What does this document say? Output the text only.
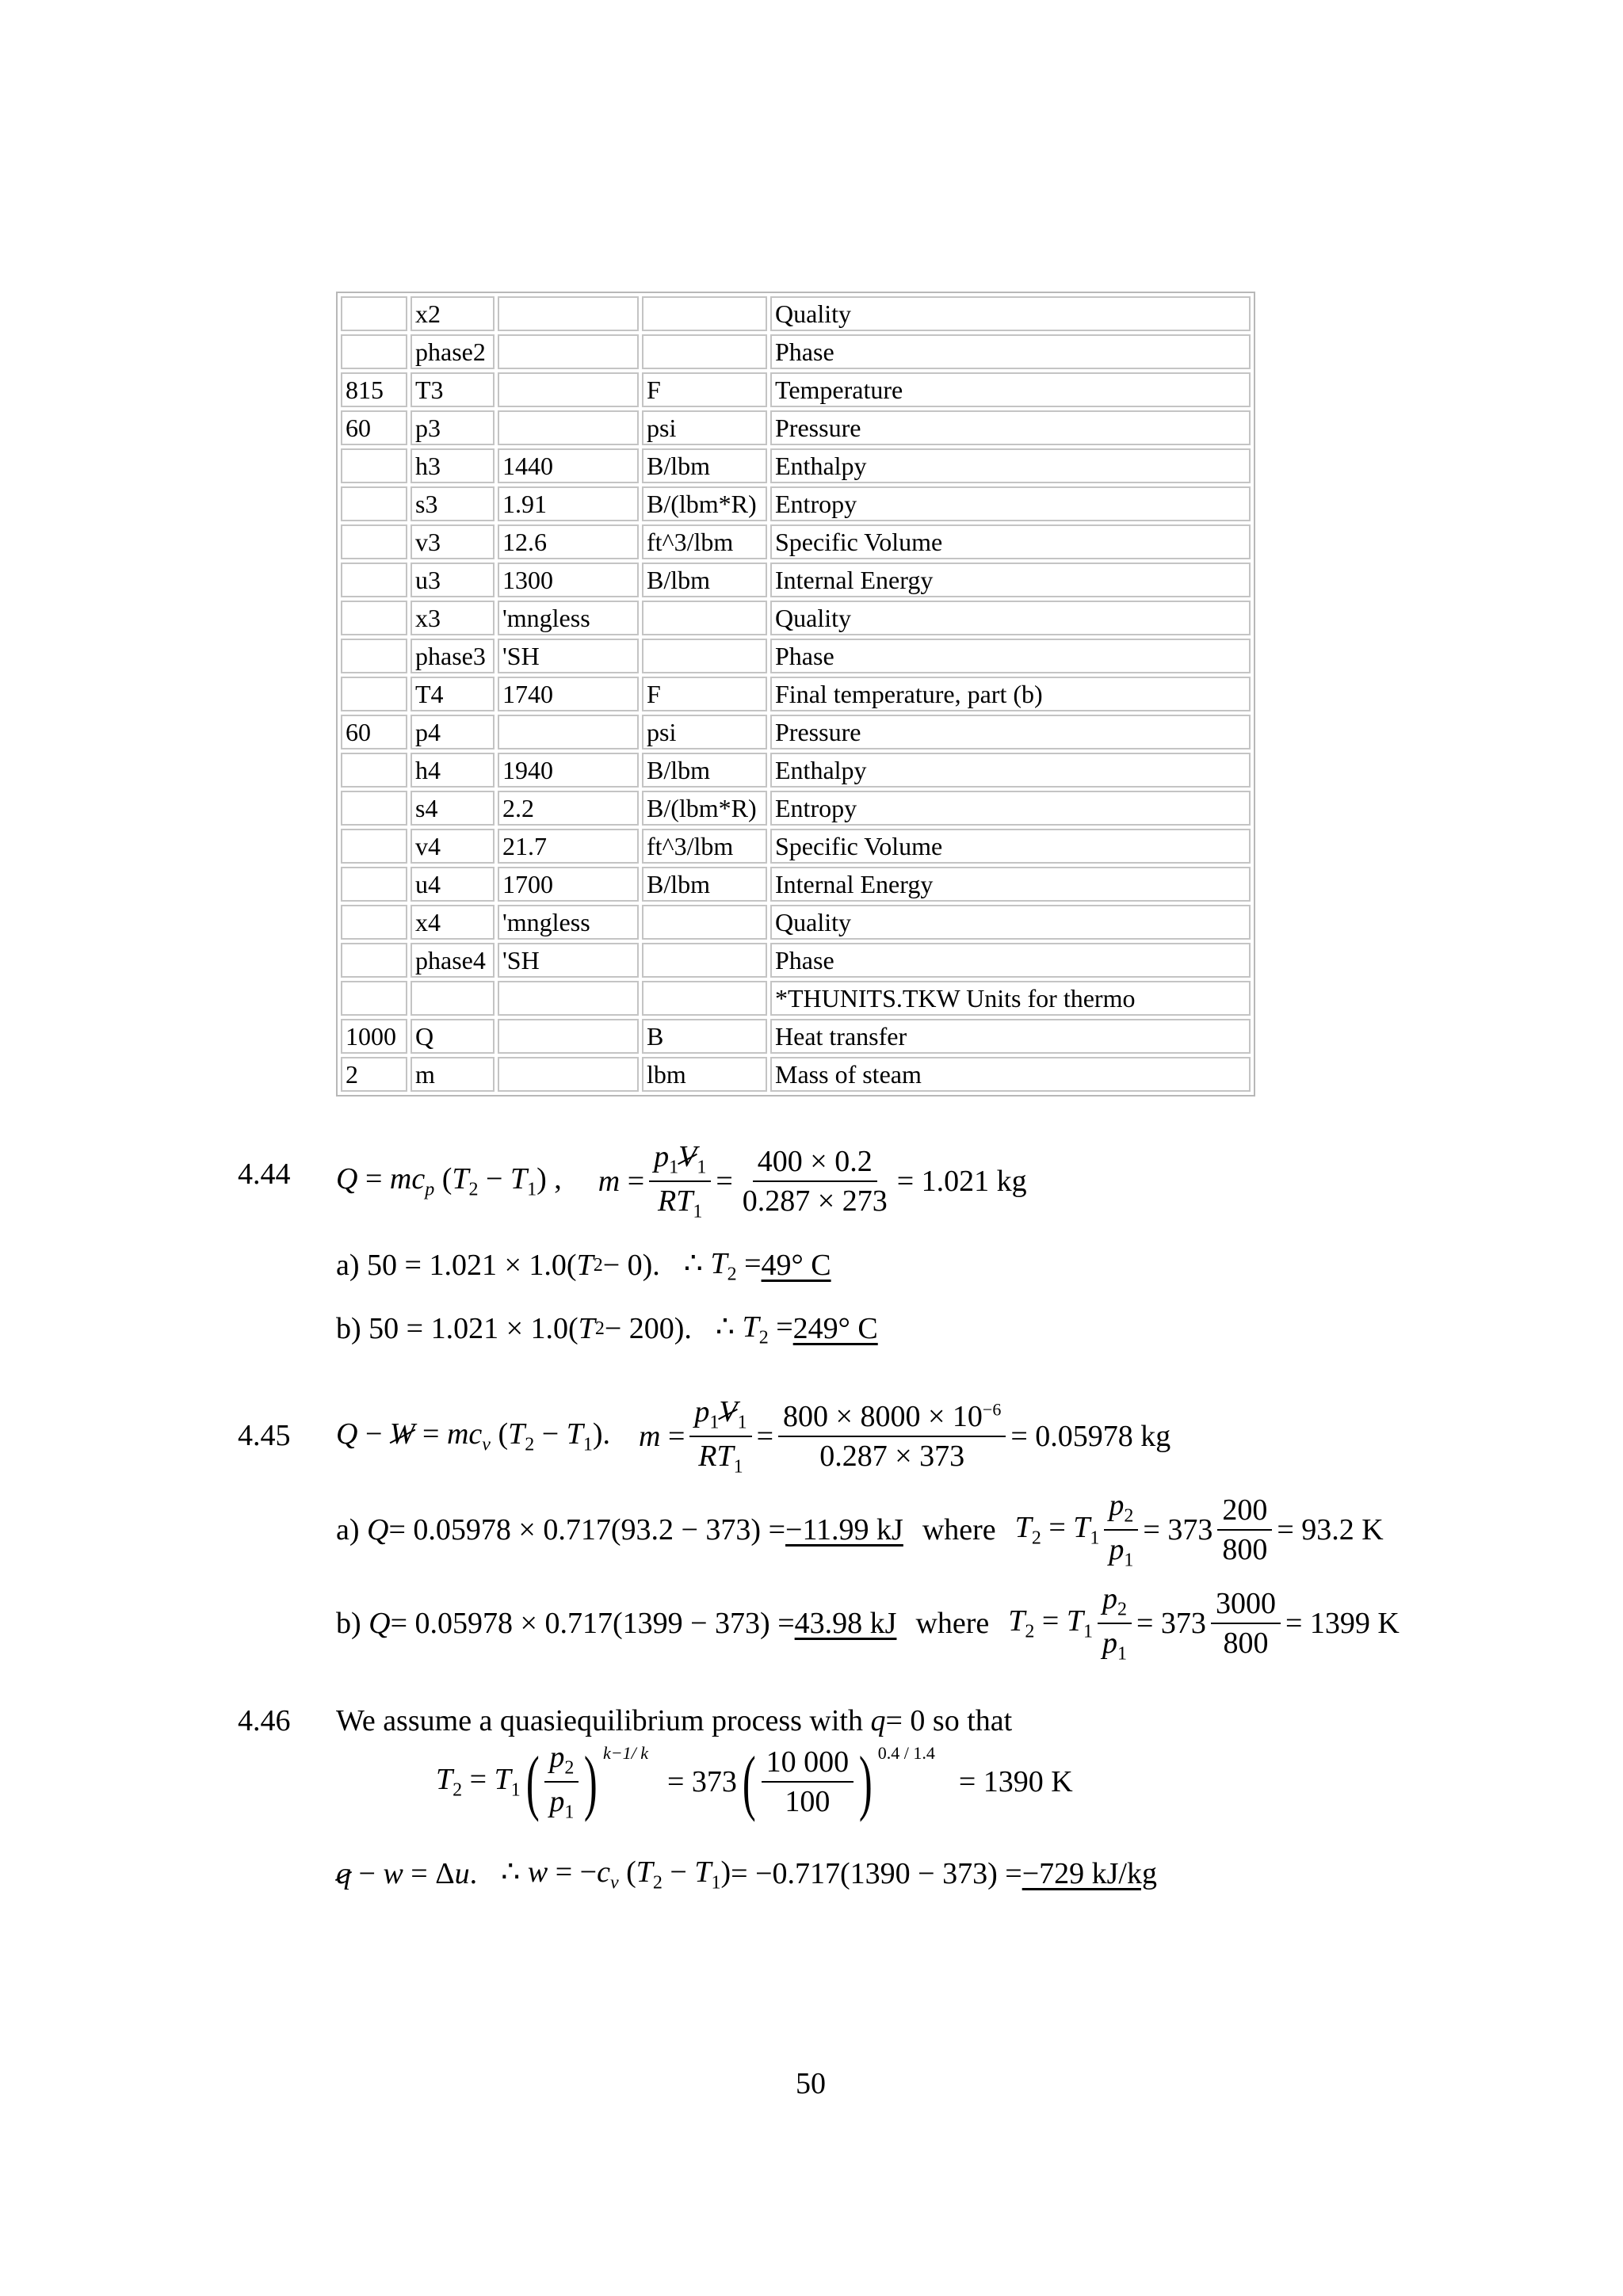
	x2			Quality
	phase2			Phase
815	T3		F	Temperature
60	p3		psi	Pressure
	h3	1440	B/lbm	Enthalpy
	s3	1.91	B/(lbm*R)	Entropy
	v3	12.6	ft^3/lbm	Specific Volume
	u3	1300	B/lbm	Internal Energy
	x3	'mngless		Quality
	phase3	'SH		Phase
	T4	1740	F	Final temperature, part (b)
60	p4		psi	Pressure
	h4	1940	B/lbm	Enthalpy
	s4	2.2	B/(lbm*R)	Entropy
	v4	21.7	ft^3/lbm	Specific Volume
	u4	1700	B/lbm	Internal Energy
	x4	'mngless		Quality
	phase4	'SH		Phase
				*THUNITS.TKW Units for thermo
1000	Q		B	Heat transfer
2	m		lbm	Mass of steam
4.44 $Q = mc_p$ $(T_2 - T_1)$ , $m = \frac{p_1V_1}{RT_1} = \frac{400 \times 0.2}{0.287 \times 273} = 1.021$ kg
a)
50 = 1.021 × 1.0( T 2 − 0). ∴ $T_2 = 49^\circ$ C
b)
50 = 1.021 × 1.0( T 2 − 200). ∴ $T_2 = 249^\circ$ C
4.45 $Q - W = mc_v$ $(T_2 - T_1)$. $m = \frac{p_1V_1}{RT_1} = \frac{800 \times 8000 \times 10^{-6}}{0.287 \times 373} = 0.05978$ kg
a)
Q = 0.05978 × 0.717(93.2 − 373) = −11.99 kJ where $T_2 = T_1 \frac{p_2}{p_1} = 373 \frac{200}{800} = 93.2$ K
b)
Q = 0.05978 × 0.717(1399 − 373) = 43.98 kJ where $T_2 = T_1 \frac{p_2}{p_1} = 373 \frac{3000}{800} = 1399$ K
4.46 We assume a quasiequilibrium process with
q = 0 so that
$T_2 = T_1$ ( $\frac{p_2}{p_1}$ ) $^{k-1/ k}$
= 373 ( $\frac{10 000}{100}$ ) $^{0.4 / 1.4}$
= 1390 K
q − w = Δu. ∴ $w = -c_v$ $(T_2 - T_1) = -0.717(1390 - 373) = -729$ kJ/kg
50
